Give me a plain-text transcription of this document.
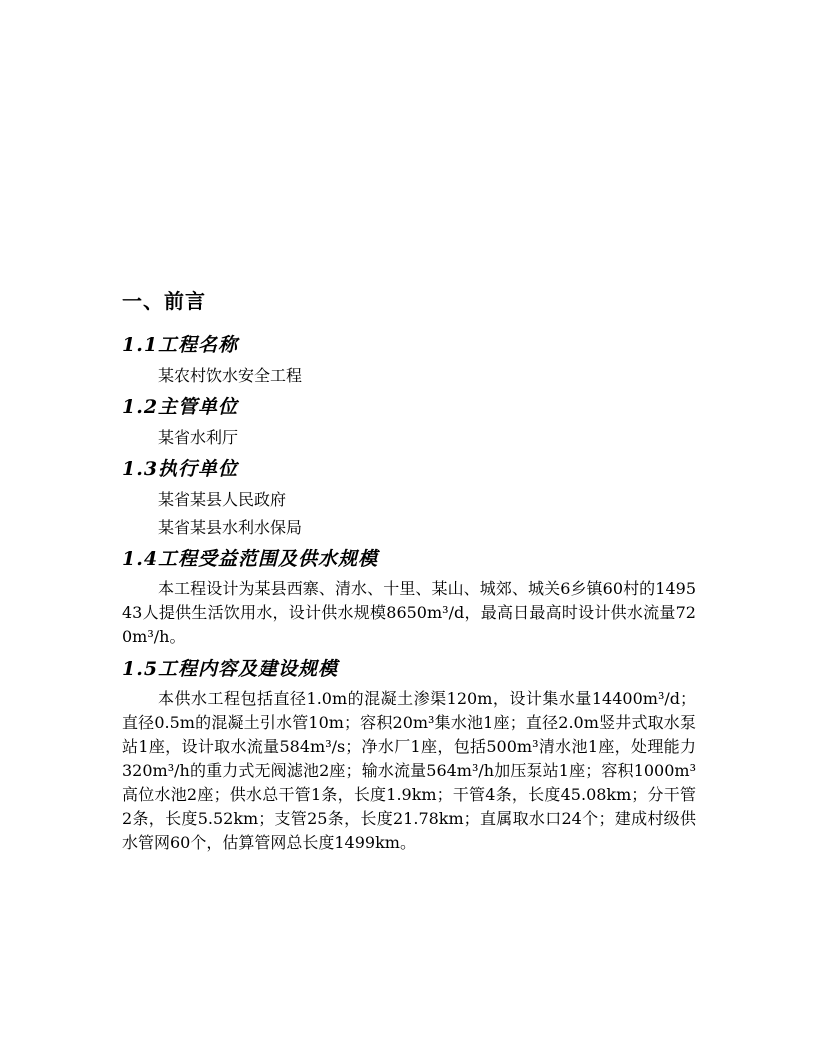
一、前言
1.1工程名称
某农村饮水安全工程
1.2主管单位
某省水利厅
1.3执行单位
某省某县人民政府
某省某县水利水保局
1.4工程受益范围及供水规模
本工程设计为某县西寨、清水、十里、某山、城郊、城关6乡镇60村的149543人提供生活饮用水，设计供水规模8650m³/d，最高日最高时设计供水流量720m³/h。
1.5工程内容及建设规模
本供水工程包括直径1.0m的混凝土渗渠120m，设计集水量14400m³/d；直径0.5m的混凝土引水管10m；容积20m³集水池1座；直径2.0m竖井式取水泵站1座，设计取水流量584m³/s；净水厂1座，包括500m³清水池1座，处理能力320m³/h的重力式无阀滤池2座；输水流量564m³/h加压泵站1座；容积1000m³高位水池2座；供水总干管1条，长度1.9km；干管4条，长度45.08km；分干管2条，长度5.52km；支管25条，长度21.78km；直属取水口24个；建成村级供水管网60个，估算管网总长度1499km。
